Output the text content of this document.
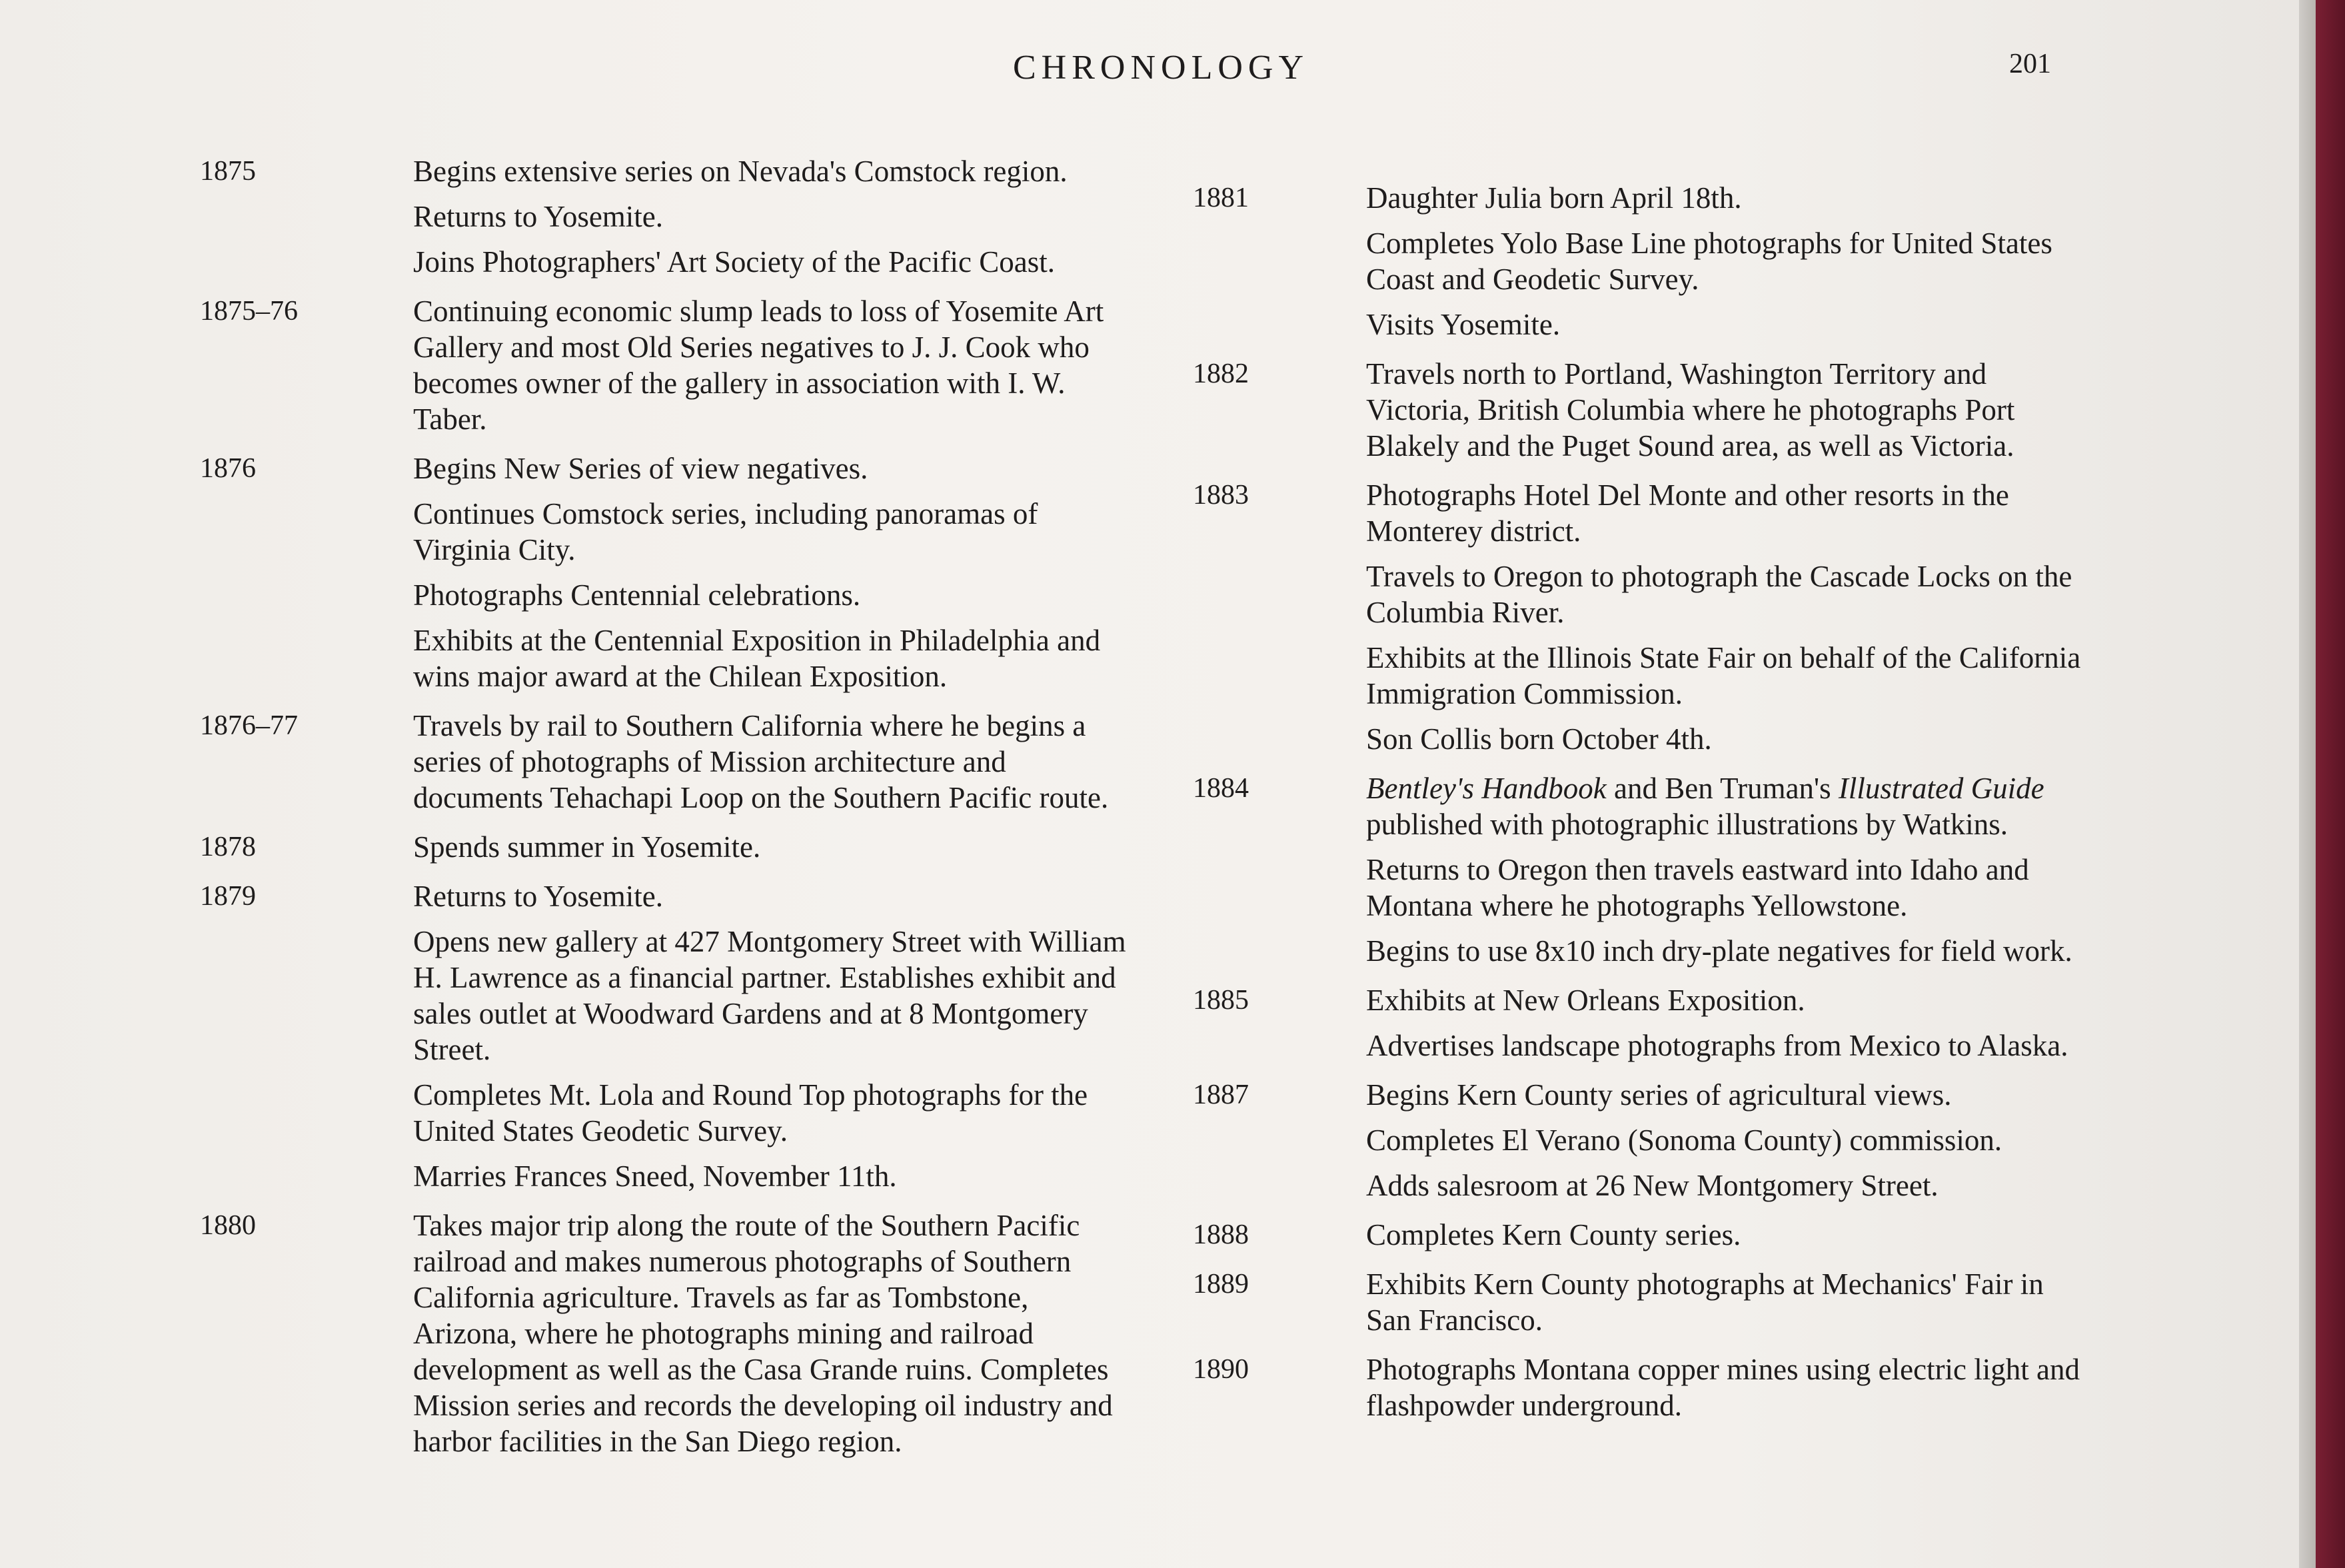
CHRONOLOGY	201
1875	Begins extensive series on Nevada's Comstock region.
Returns to Yosemite.
Joins Photographers' Art Society of the Pacific Coast.
1875–76	Continuing economic slump leads to loss of Yosemite Art Gallery and most Old Series negatives to J. J. Cook who becomes owner of the gallery in association with I. W. Taber.
1876	Begins New Series of view negatives.
Continues Comstock series, including panoramas of Virginia City.
Photographs Centennial celebrations.
Exhibits at the Centennial Exposition in Philadelphia and wins major award at the Chilean Exposition.
1876–77	Travels by rail to Southern California where he begins a series of photographs of Mission architecture and documents Tehachapi Loop on the Southern Pacific route.
1878	Spends summer in Yosemite.
1879	Returns to Yosemite.
Opens new gallery at 427 Montgomery Street with William H. Lawrence as a financial partner. Establishes exhibit and sales outlet at Woodward Gardens and at 8 Montgomery Street.
Completes Mt. Lola and Round Top photographs for the United States Geodetic Survey.
Marries Frances Sneed, November 11th.
1880	Takes major trip along the route of the Southern Pacific railroad and makes numerous photographs of Southern California agriculture. Travels as far as Tombstone, Arizona, where he photographs mining and railroad development as well as the Casa Grande ruins. Completes Mission series and records the developing oil industry and harbor facilities in the San Diego region.
1881	Daughter Julia born April 18th.
Completes Yolo Base Line photographs for United States Coast and Geodetic Survey.
Visits Yosemite.
1882	Travels north to Portland, Washington Territory and Victoria, British Columbia where he photographs Port Blakely and the Puget Sound area, as well as Victoria.
1883	Photographs Hotel Del Monte and other resorts in the Monterey district.
Travels to Oregon to photograph the Cascade Locks on the Columbia River.
Exhibits at the Illinois State Fair on behalf of the California Immigration Commission.
Son Collis born October 4th.
1884	Bentley's Handbook and Ben Truman's Illustrated Guide published with photographic illustrations by Watkins.
Returns to Oregon then travels eastward into Idaho and Montana where he photographs Yellowstone.
Begins to use 8x10 inch dry-plate negatives for field work.
1885	Exhibits at New Orleans Exposition.
Advertises landscape photographs from Mexico to Alaska.
1887	Begins Kern County series of agricultural views.
Completes El Verano (Sonoma County) commission.
Adds salesroom at 26 New Montgomery Street.
1888	Completes Kern County series.
1889	Exhibits Kern County photographs at Mechanics' Fair in San Francisco.
1890	Photographs Montana copper mines using electric light and flashpowder underground.
